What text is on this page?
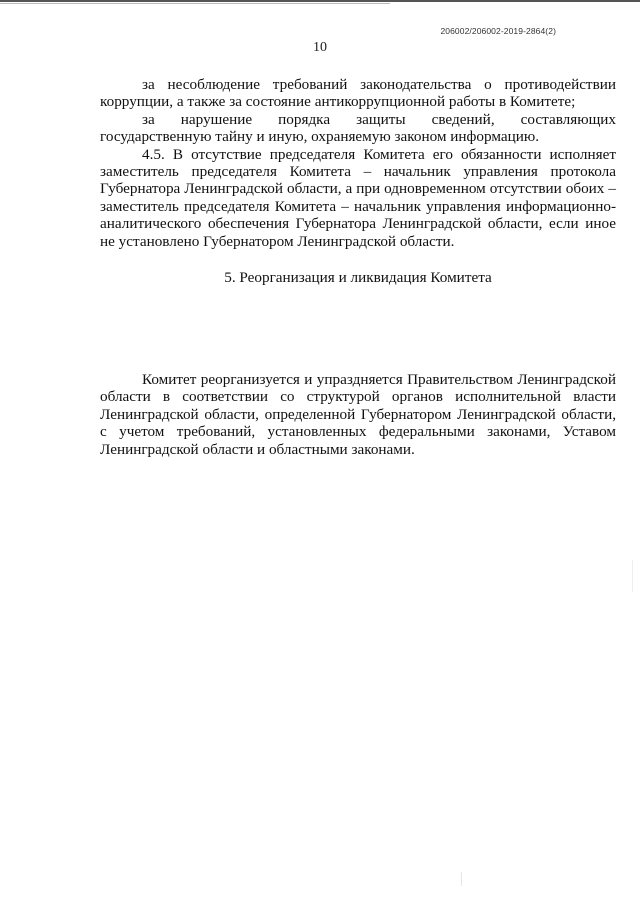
206002/206002-2019-2864(2)
10

за несоблюдение требований законодательства о противодействии коррупции, а также за состояние антикоррупционной работы в Комитете;

за нарушение порядка защиты сведений, составляющих государственную тайну и иную, охраняемую законом информацию.

4.5. В отсутствие председателя Комитета его обязанности исполняет заместитель председателя Комитета – начальник управления протокола Губернатора Ленинградской области, а при одновременном отсутствии обоих – заместитель председателя Комитета – начальник управления информационно-аналитического обеспечения Губернатора Ленинградской области, если иное не установлено Губернатором Ленинградской области.

5. Реорганизация и ликвидация Комитета

Комитет реорганизуется и упраздняется Правительством Ленинградской области в соответствии со структурой органов исполнительной власти Ленинградской области, определенной Губернатором Ленинградской области, с учетом требований, установленных федеральными законами, Уставом Ленинградской области и областными законами.
